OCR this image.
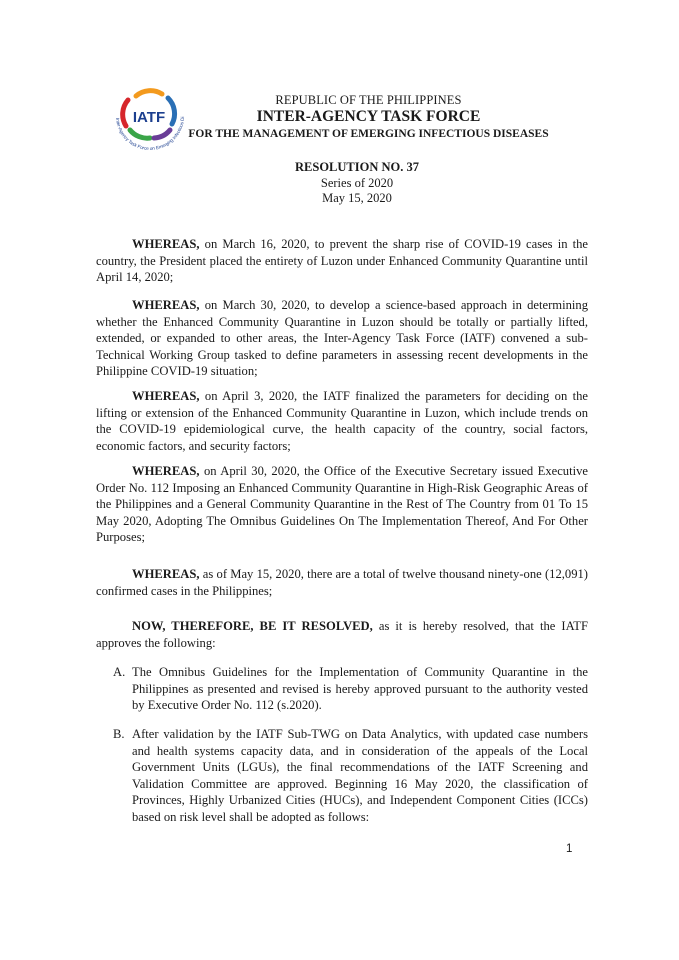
IATF
Inter-Agency Task Force on Emerging Infectious Di
REPUBLIC OF THE PHILIPPINES
INTER-AGENCY TASK FORCE
FOR THE MANAGEMENT OF EMERGING INFECTIOUS DISEASES
RESOLUTION NO. 37
Series of 2020
May 15, 2020

WHEREAS, on March 16, 2020, to prevent the sharp rise of COVID-19 cases in the country, the President placed the entirety of Luzon under Enhanced Community Quarantine until April 14, 2020;

WHEREAS, on March 30, 2020, to develop a science-based approach in determining whether the Enhanced Community Quarantine in Luzon should be totally or partially lifted, extended, or expanded to other areas, the Inter-Agency Task Force (IATF) convened a sub-Technical Working Group tasked to define parameters in assessing recent developments in the Philippine COVID-19 situation;

WHEREAS, on April 3, 2020, the IATF finalized the parameters for deciding on the lifting or extension of the Enhanced Community Quarantine in Luzon, which include trends on the COVID-19 epidemiological curve, the health capacity of the country, social factors, economic factors, and security factors;

WHEREAS, on April 30, 2020, the Office of the Executive Secretary issued Executive Order No. 112 Imposing an Enhanced Community Quarantine in High-Risk Geographic Areas of the Philippines and a General Community Quarantine in the Rest of The Country from 01 To 15 May 2020, Adopting The Omnibus Guidelines On The Implementation Thereof, And For Other Purposes;

WHEREAS, as of May 15, 2020, there are a total of twelve thousand ninety-one (12,091) confirmed cases in the Philippines;

NOW, THEREFORE, BE IT RESOLVED, as it is hereby resolved, that the IATF approves the following:

A. The Omnibus Guidelines for the Implementation of Community Quarantine in the Philippines as presented and revised is hereby approved pursuant to the authority vested by Executive Order No. 112 (s.2020).
B. After validation by the IATF Sub-TWG on Data Analytics, with updated case numbers and health systems capacity data, and in consideration of the appeals of the Local Government Units (LGUs), the final recommendations of the IATF Screening and Validation Committee are approved. Beginning 16 May 2020, the classification of Provinces, Highly Urbanized Cities (HUCs), and Independent Component Cities (ICCs) based on risk level shall be adopted as follows:
1
